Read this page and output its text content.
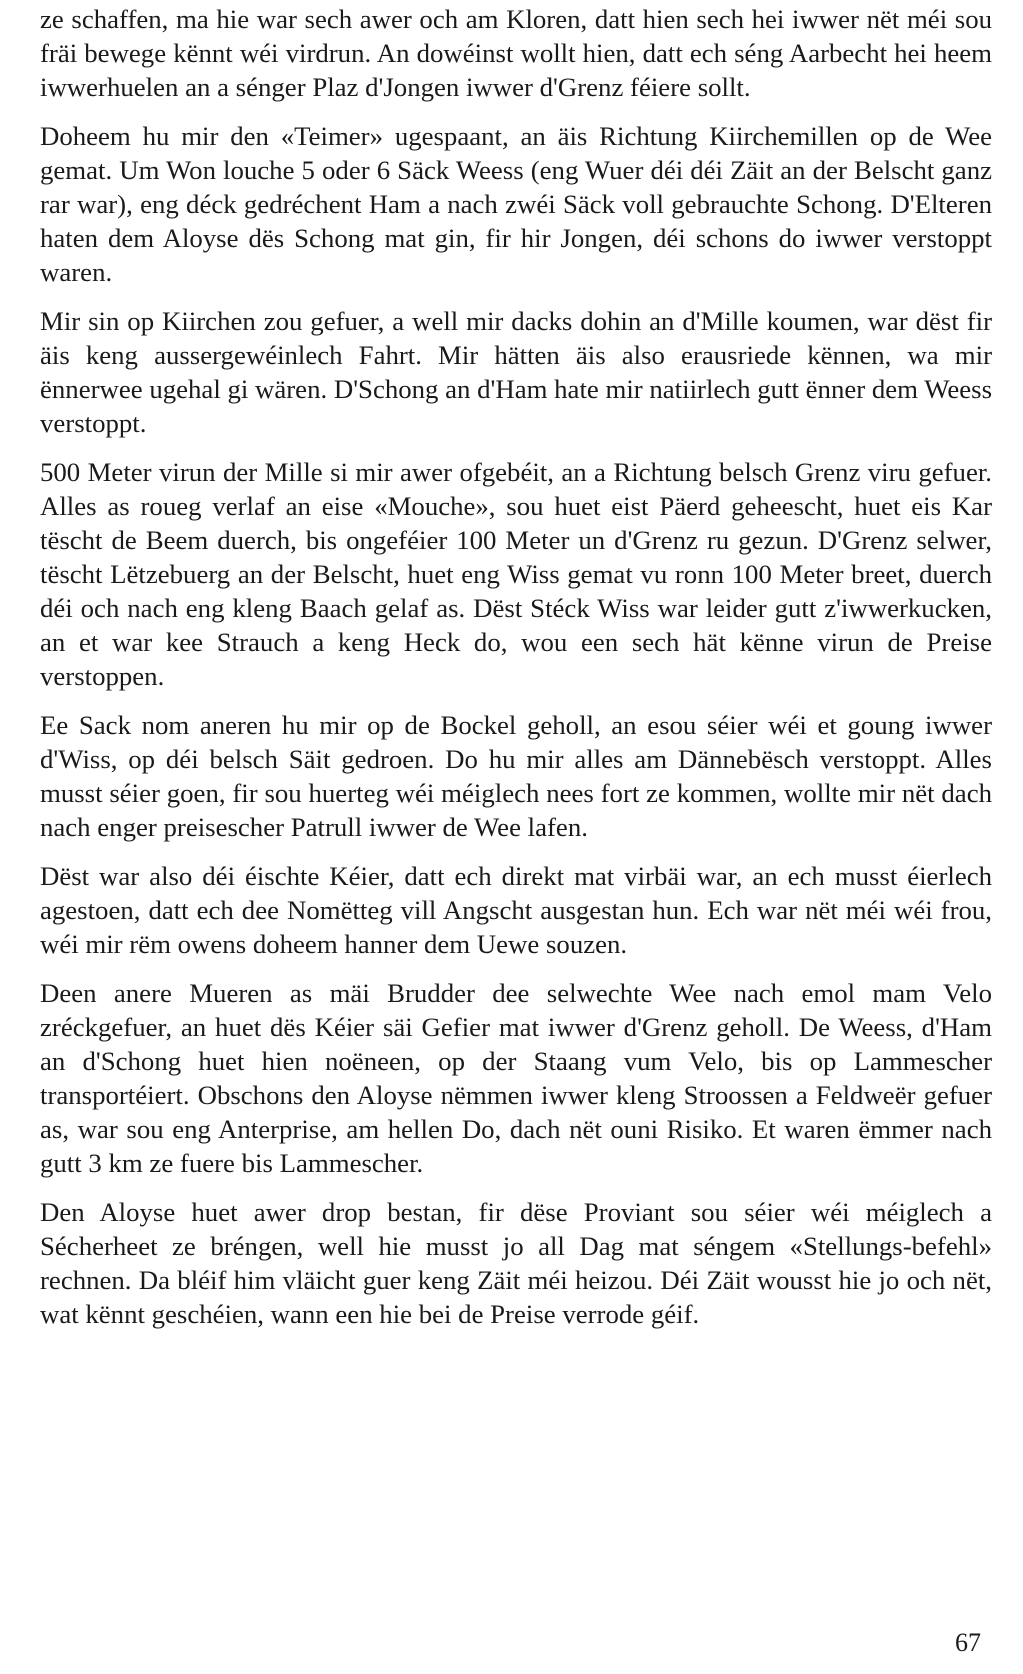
ze schaffen, ma hie war sech awer och am Kloren, datt hien sech hei iwwer nët méi sou fräi bewege kënnt wéi virdrun. An dowéinst wollt hien, datt ech séng Aarbecht hei heem iwwerhuelen an a sénger Plaz d'Jongen iwwer d'Grenz féiere sollt.

Doheem hu mir den «Teimer» ugespaant, an äis Richtung Kiirchemillen op de Wee gemat. Um Won louche 5 oder 6 Säck Weess (eng Wuer déi déi Zäit an der Belscht ganz rar war), eng déck gedréchent Ham a nach zwéi Säck voll gebrauchte Schong. D'Elteren haten dem Aloyse dës Schong mat gin, fir hir Jongen, déi schons do iwwer verstoppt waren.

Mir sin op Kiirchen zou gefuer, a well mir dacks dohin an d'Mille koumen, war dëst fir äis keng aussergewéinlech Fahrt. Mir hätten äis also erausriede kënnen, wa mir ënnerwee ugehal gi wären. D'Schong an d'Ham hate mir natiirlech gutt ënner dem Weess verstoppt.

500 Meter virun der Mille si mir awer ofgebéit, an a Richtung belsch Grenz viru gefuer. Alles as roueg verlaf an eise «Mouche», sou huet eist Päerd geheescht, huet eis Kar tëscht de Beem duerch, bis ongeféier 100 Meter un d'Grenz ru gezun. D'Grenz selwer, tëscht Lëtzebuerg an der Belscht, huet eng Wiss gemat vu ronn 100 Meter breet, duerch déi och nach eng kleng Baach gelaf as. Dëst Stéck Wiss war leider gutt z'iwwerkucken, an et war kee Strauch a keng Heck do, wou een sech hät kënne virun de Preise verstoppen.

Ee Sack nom aneren hu mir op de Bockel geholl, an esou séier wéi et goung iwwer d'Wiss, op déi belsch Säit gedroen. Do hu mir alles am Dännebësch verstoppt. Alles musst séier goen, fir sou huerteg wéi méiglech nees fort ze kommen, wollte mir nët dach nach enger preisescher Patrull iwwer de Wee lafen.

Dëst war also déi éischte Kéier, datt ech direkt mat virbäi war, an ech musst éierlech agestoen, datt ech dee Nomëtteg vill Angscht ausgestan hun. Ech war nët méi wéi frou, wéi mir rëm owens doheem hanner dem Uewe souzen.

Deen anere Mueren as mäi Brudder dee selwechte Wee nach emol mam Velo zréckgefuer, an huet dës Kéier säi Gefier mat iwwer d'Grenz geholl. De Weess, d'Ham an d'Schong huet hien noëneen, op der Staang vum Velo, bis op Lammescher transportéiert. Obschons den Aloyse nëmmen iwwer kleng Stroossen a Feldweër gefuer as, war sou eng Anterprise, am hellen Do, dach nët ouni Risiko. Et waren ëmmer nach gutt 3 km ze fuere bis Lammescher.

Den Aloyse huet awer drop bestan, fir dëse Proviant sou séier wéi méiglech a Sécherheet ze bréngen, well hie musst jo all Dag mat séngem «Stellungs-befehl» rechnen. Da bléif him vläicht guer keng Zäit méi heizou. Déi Zäit wousst hie jo och nët, wat kënnt geschéien, wann een hie bei de Preise verrode géif.

67
